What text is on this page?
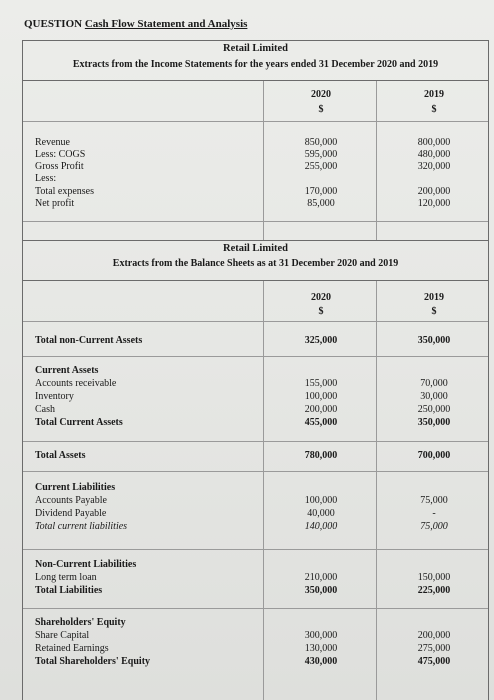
QUESTION Cash Flow Statement and Analysis
Retail Limited
Extracts from the Income Statements for the years ended 31 December 2020 and 2019
2020	2019
$	$
Revenue	850,000	800,000
Less: COGS	595,000	480,000
Gross Profit	255,000	320,000
Less:
Total expenses	170,000	200,000
Net profit	85,000	120,000
Retail Limited
Extracts from the Balance Sheets as at 31 December 2020 and 2019
2020	2019
$	$
Total non-Current Assets	325,000	350,000
Current Assets
Accounts receivable	155,000	70,000
Inventory	100,000	30,000
Cash	200,000	250,000
Total Current Assets	455,000	350,000
Total Assets	780,000	700,000
Current Liabilities
Accounts Payable	100,000	75,000
Dividend Payable	40,000	-
Total current liabilities	140,000	75,000
Non-Current Liabilities
Long term loan	210,000	150,000
Total Liabilities	350,000	225,000
Shareholders' Equity
Share Capital	300,000	200,000
Retained Earnings	130,000	275,000
Total Shareholders' Equity	430,000	475,000
